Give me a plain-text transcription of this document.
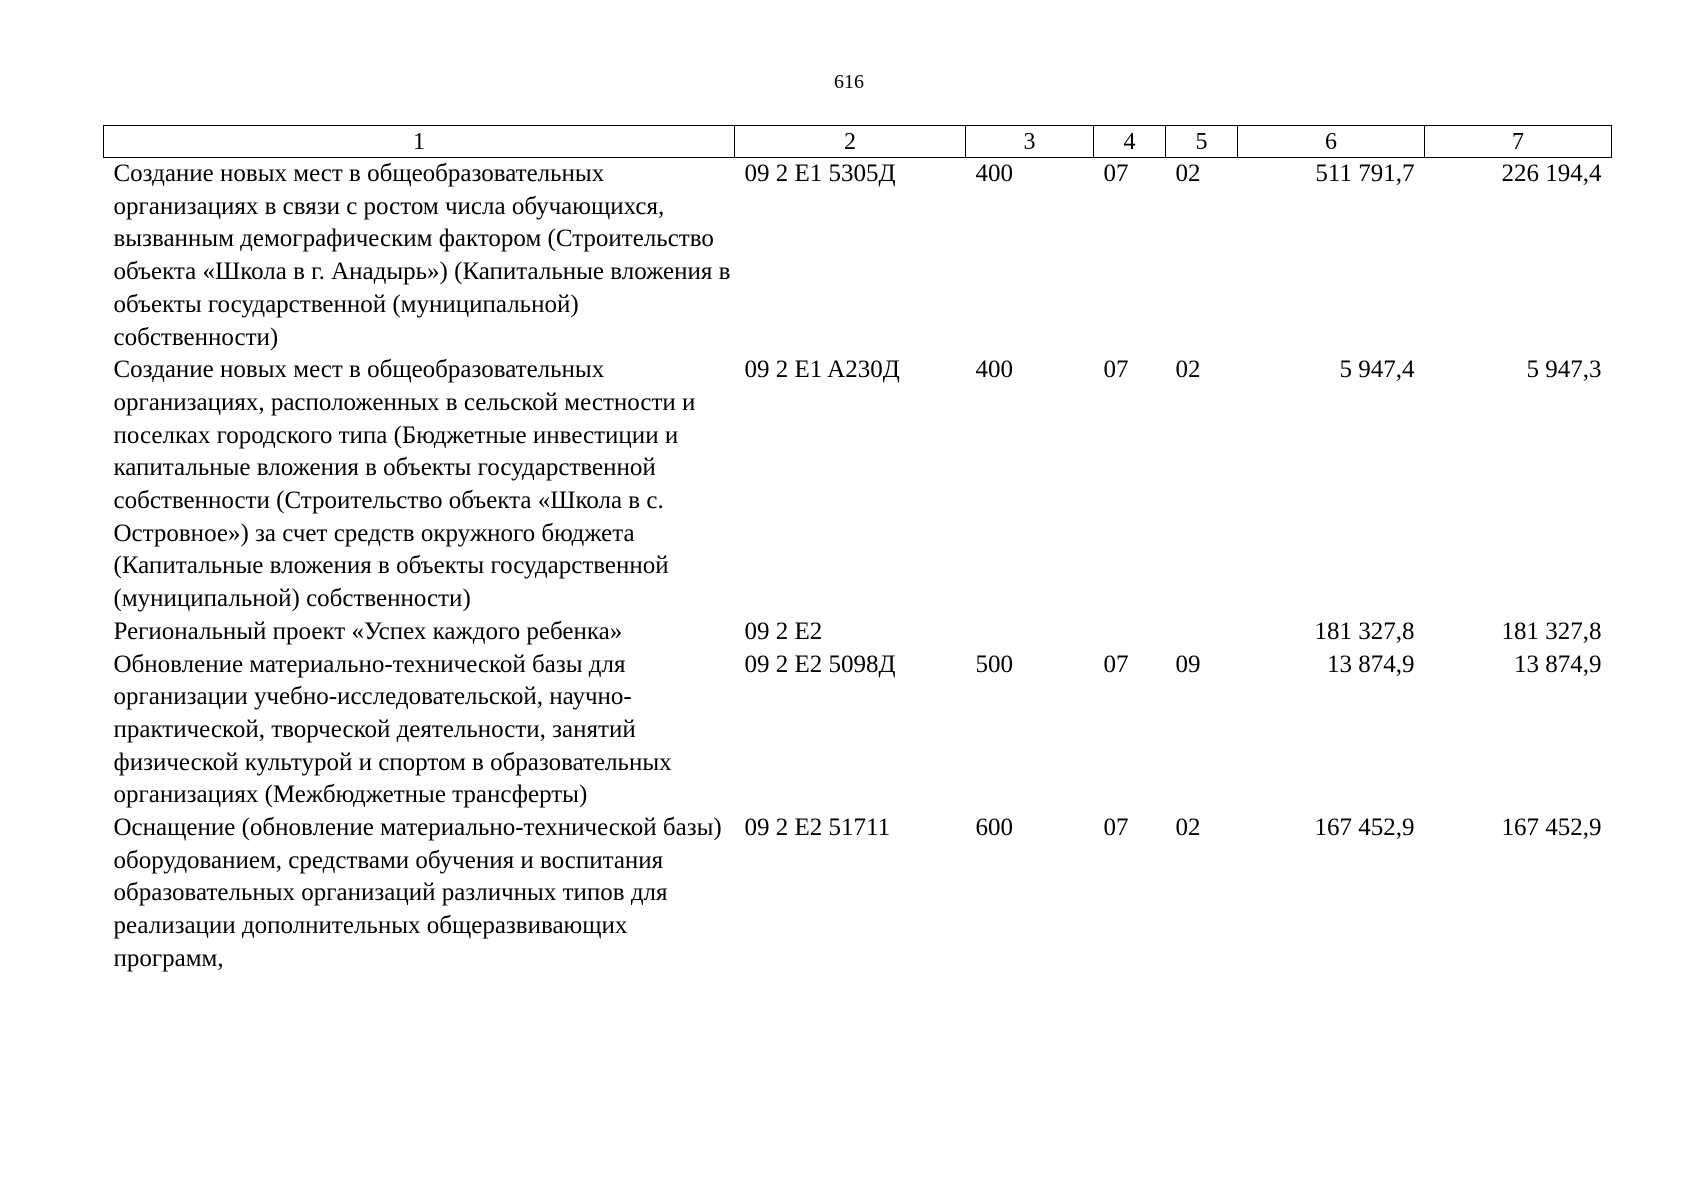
616
1	2	3	4	5	6	7
Создание новых мест в общеобразовательных организациях в связи с ростом числа обучающихся, вызванным демографическим фактором (Строительство объекта «Школа в г. Анадырь») (Капитальные вложения в объекты государственной (муниципальной) собственности)	09 2 E1 5305Д	400	07	02	511 791,7	226 194,4
Создание новых мест в общеобразовательных организациях, расположенных в сельской местности и поселках городского типа (Бюджетные инвестиции и капитальные вложения в объекты государственной собственности (Строительство объекта «Школа в с. Островное») за счет средств окружного бюджета (Капитальные вложения в объекты государственной (муниципальной) собственности)	09 2 E1 A230Д	400	07	02	5 947,4	5 947,3
Региональный проект «Успех каждого ребенка»	09 2 E2				181 327,8	181 327,8
Обновление материально-технической базы для организации учебно-исследовательской, научно-практической, творческой деятельности, занятий физической культурой и спортом в образовательных организациях (Межбюджетные трансферты)	09 2 E2 5098Д	500	07	09	13 874,9	13 874,9
Оснащение (обновление материально-технической базы) оборудованием, средствами обучения и воспитания образовательных организаций различных типов для реализации дополнительных общеразвивающих программ,	09 2 E2 51711	600	07	02	167 452,9	167 452,9
